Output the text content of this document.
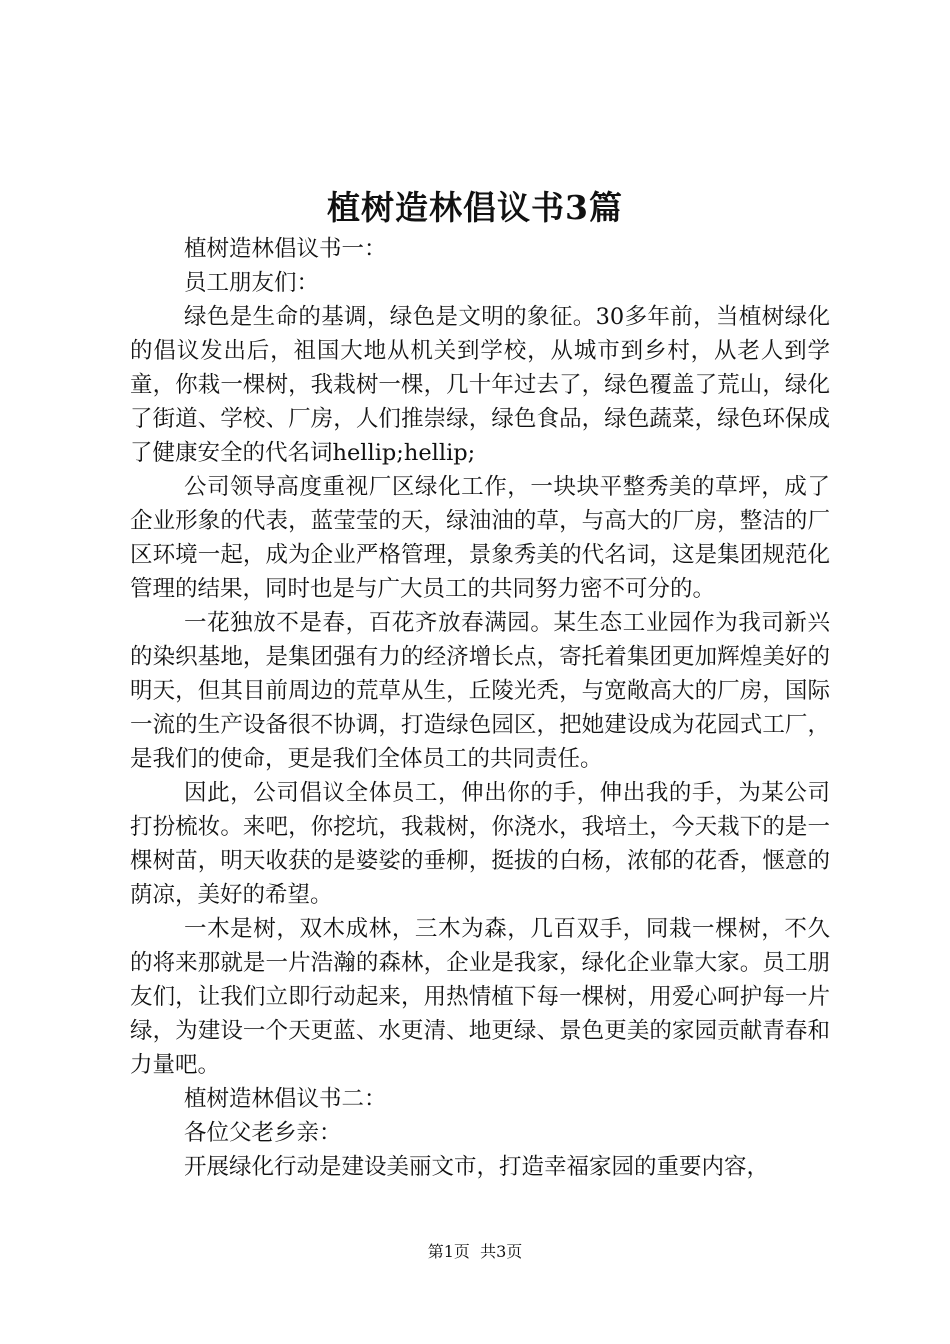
植树造林倡议书3篇

植树造林倡议书一：

员工朋友们：

绿色是生命的基调，绿色是文明的象征。30多年前，当植树绿化的倡议发出后，祖国大地从机关到学校，从城市到乡村，从老人到学童，你栽一棵树，我栽树一棵，几十年过去了，绿色覆盖了荒山，绿化了街道、学校、厂房，人们推崇绿，绿色食品，绿色蔬菜，绿色环保成了健康安全的代名词hellip;hellip;

公司领导高度重视厂区绿化工作，一块块平整秀美的草坪，成了企业形象的代表，蓝莹莹的天，绿油油的草，与高大的厂房，整洁的厂区环境一起，成为企业严格管理，景象秀美的代名词，这是集团规范化管理的结果，同时也是与广大员工的共同努力密不可分的。

一花独放不是春，百花齐放春满园。某生态工业园作为我司新兴的染织基地，是集团强有力的经济增长点，寄托着集团更加辉煌美好的明天，但其目前周边的荒草从生，丘陵光秃，与宽敞高大的厂房，国际一流的生产设备很不协调，打造绿色园区，把她建设成为花园式工厂，是我们的使命，更是我们全体员工的共同责任。

因此，公司倡议全体员工，伸出你的手，伸出我的手，为某公司打扮梳妆。来吧，你挖坑，我栽树，你浇水，我培土，今天栽下的是一棵树苗，明天收获的是婆娑的垂柳，挺拔的白杨，浓郁的花香，惬意的荫凉，美好的希望。

一木是树，双木成林，三木为森，几百双手，同栽一棵树，不久的将来那就是一片浩瀚的森林，企业是我家，绿化企业靠大家。员工朋友们，让我们立即行动起来，用热情植下每一棵树，用爱心呵护每一片绿，为建设一个天更蓝、水更清、地更绿、景色更美的家园贡献青春和力量吧。

植树造林倡议书二：

各位父老乡亲：

开展绿化行动是建设美丽文市，打造幸福家园的重要内容，

第1页  共3页
